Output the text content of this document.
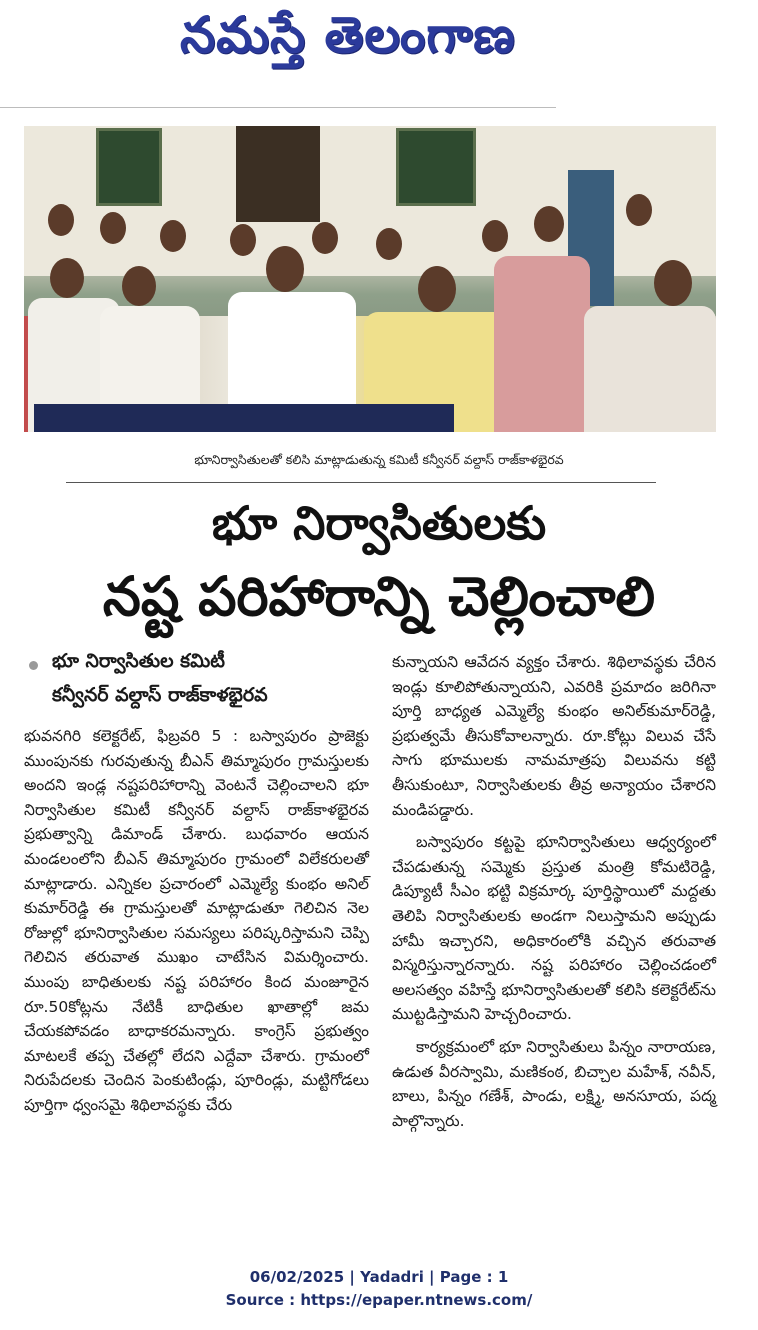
నమస్తే తెలంగాణ
భూనిర్వాసితులతో కలిసి మాట్లాడుతున్న కమిటీ కన్వీనర్ వల్దాస్ రాజ్‌కాళభైరవ
భూ నిర్వాసితులకు
నష్ట పరిహారాన్ని చెల్లించాలి
భూ నిర్వాసితుల కమిటీ
కన్వీనర్ వల్దాస్ రాజ్‌కాళభైరవ

భువనగిరి కలెక్టరేట్, ఫిబ్రవరి 5 : బస్వాపురం ప్రాజెక్టు ముంపునకు గురవుతున్న బీఎన్ తిమ్మాపురం గ్రామస్తులకు అందని ఇండ్ల నష్టపరిహారాన్ని వెంటనే చెల్లించాలని భూ నిర్వాసితుల కమిటీ కన్వీనర్ వల్దాస్ రాజ్‌కాళభైరవ ప్రభుత్వాన్ని డిమాండ్ చేశారు. బుధవారం ఆయన మండలంలోని బీఎన్ తిమ్మాపురం గ్రామంలో విలేకరులతో మాట్లాడారు. ఎన్నికల ప్రచారంలో ఎమ్మెల్యే కుంభం అనిల్ కుమార్‌రెడ్డి ఈ గ్రామస్తులతో మాట్లాడుతూ గెలిచిన నెల రోజుల్లో భూనిర్వాసితుల సమస్యలు పరిష్కరిస్తామని చెప్పి గెలిచిన తరువాత ముఖం చాటేసిన విమర్శించారు. ముంపు బాధితులకు నష్ట పరిహారం కింద మంజూరైన రూ.50కోట్లను నేటికీ బాధితుల ఖాతాల్లో జమ చేయకపోవడం బాధాకరమన్నారు. కాంగ్రెస్ ప్రభుత్వం మాటలకే తప్ప చేతల్లో లేదని ఎద్దేవా చేశారు. గ్రామంలో నిరుపేదలకు చెందిన పెంకుటిండ్లు, పూరిండ్లు, మట్టిగోడలు పూర్తిగా ధ్వంసమై శిథిలావస్థకు చేరు

కున్నాయని ఆవేదన వ్యక్తం చేశారు. శిథిలావస్థకు చేరిన ఇండ్లు కూలిపోతున్నాయని, ఎవరికి ప్రమాదం జరిగినా పూర్తి బాధ్యత ఎమ్మెల్యే కుంభం అనిల్‌కుమార్‌రెడ్డి, ప్రభుత్వమే తీసుకోవాలన్నారు. రూ.కోట్లు విలువ చేసే సాగు భూములకు నామమాత్రపు విలువను కట్టి తీసుకుంటూ, నిర్వాసితులకు తీవ్ర అన్యాయం చేశారని మండిపడ్డారు.

బస్వాపురం కట్టపై భూనిర్వాసితులు ఆధ్వర్యంలో చేపడుతున్న సమ్మెకు ప్రస్తుత మంత్రి కోమటిరెడ్డి, డిప్యూటీ సీఎం భట్టి విక్రమార్క పూర్తిస్థాయిలో మద్దతు తెలిపి నిర్వాసితులకు అండగా నిలుస్తామని అప్పుడు హామీ ఇచ్చారని, అధికారంలోకి వచ్చిన తరువాత విస్మరిస్తున్నారన్నారు. నష్ట పరిహారం చెల్లించడంలో అలసత్వం వహిస్తే భూనిర్వాసితులతో కలిసి కలెక్టరేట్‌ను ముట్టడిస్తామని హెచ్చరించారు.

కార్యక్రమంలో భూ నిర్వాసితులు పిన్నం నారాయణ, ఉడుత వీరస్వామి, మణికంఠ, బిచ్చాల మహేశ్, నవీన్, బాలు, పిన్నం గణేశ్, పాండు, లక్ష్మి, అనసూయ, పద్మ పాల్గొన్నారు.

06/02/2025 | Yadadri | Page : 1
Source : https://epaper.ntnews.com/
